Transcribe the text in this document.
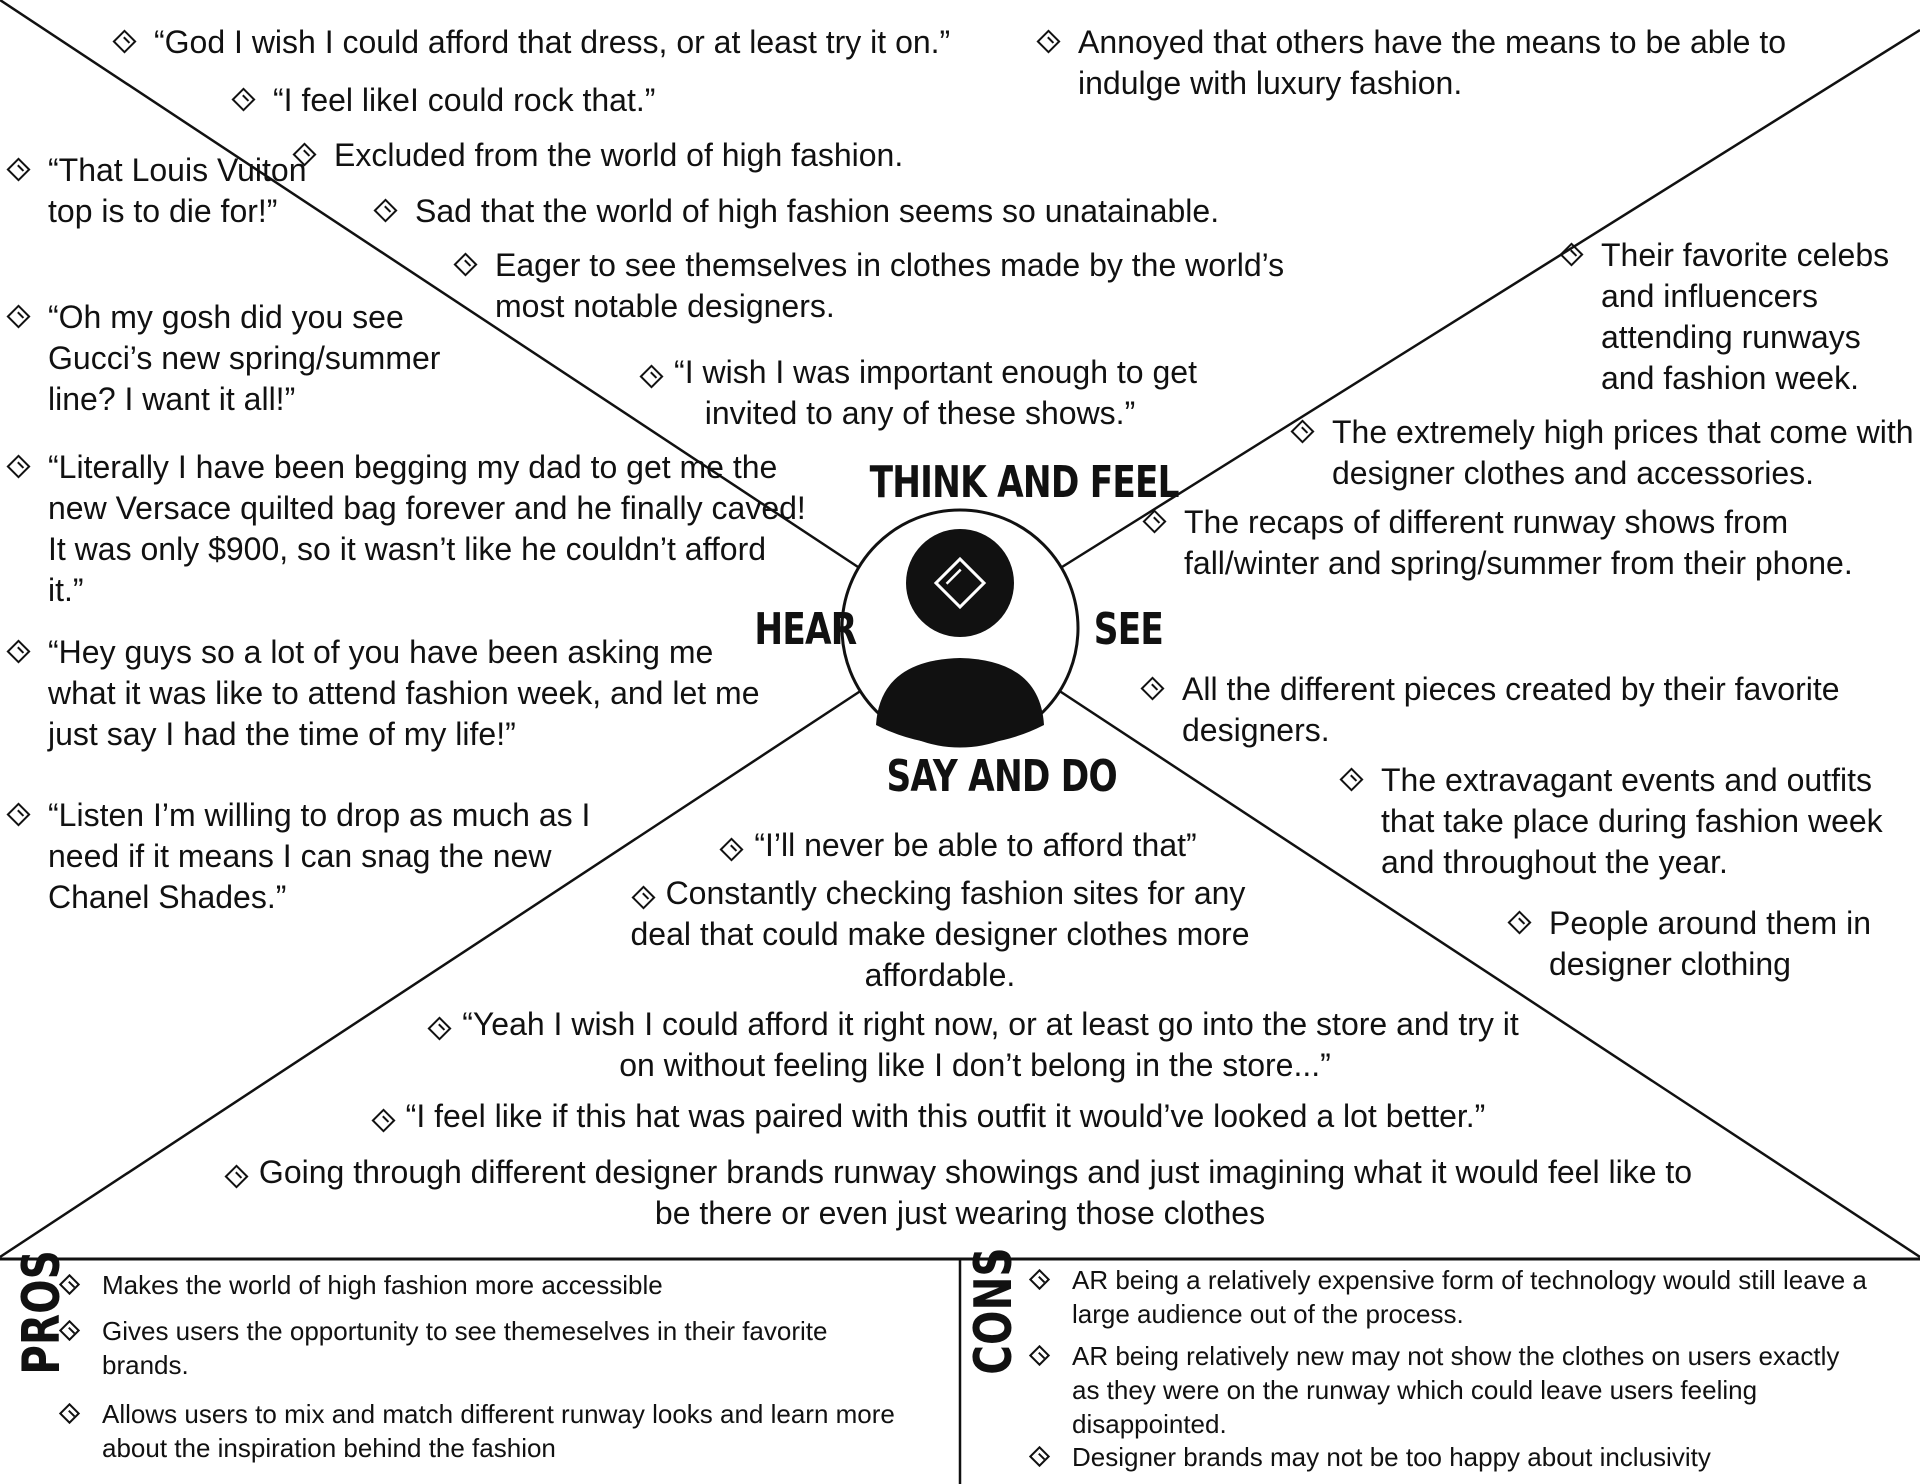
THINK AND FEEL
HEAR	SEE
SAY AND DO
“God I wish I could afford that dress, or at least try it on.”	Annoyed that others have the means to be able to indulge with luxury fashion.
“I feel likeI could rock that.”
Excluded from the world of high fashion.
Sad that the world of high fashion seems so unatainable.
Eager to see themselves in clothes made by the world’s most notable designers.
“I wish I was important enough to get invited to any of these shows.”
“That Louis Vuiton top is to die for!”
“Oh my gosh did you see Gucci’s new spring/summer line? I want it all!”
“Literally I have been begging my dad to get me the new Versace quilted bag forever and he finally caved! It was only $900, so it wasn’t like he couldn’t afford it.”
“Hey guys so a lot of you have been asking me what it was like to attend fashion week, and let me just say I had the time of my life!”
“Listen I’m willing to drop as much as I need if it means I can snag the new Chanel Shades.”
Their favorite celebs and influencers attending runways and fashion week.
The extremely high prices that come with designer clothes and accessories.
The recaps of different runway shows from fall/winter and spring/summer from their phone.
All the different pieces created by their favorite designers.
The extravagant events and outfits that take place during fashion week and throughout the year.
People around them in designer clothing
“I’ll never be able to afford that”
Constantly checking fashion sites for any deal that could make designer clothes more affordable.
“Yeah I wish I could afford it right now, or at least go into the store and try it on without feeling like I don’t belong in the store...”
“I feel like if this hat was paired with this outfit it would’ve looked a lot better.”
Going through different designer brands runway showings and just imagining what it would feel like to be there or even just wearing those clothes
PROS	Makes the world of high fashion more accessible
Gives users the opportunity to see themeselves in their favorite brands.
Allows users to mix and match different runway looks and learn more about the inspiration behind the fashion
CONS	AR being a relatively expensive form of technology would still leave a large audience out of the process.
AR being relatively new may not show the clothes on users exactly as they were on the runway which could leave users feeling disappointed.
Designer brands may not be too happy about inclusivity
